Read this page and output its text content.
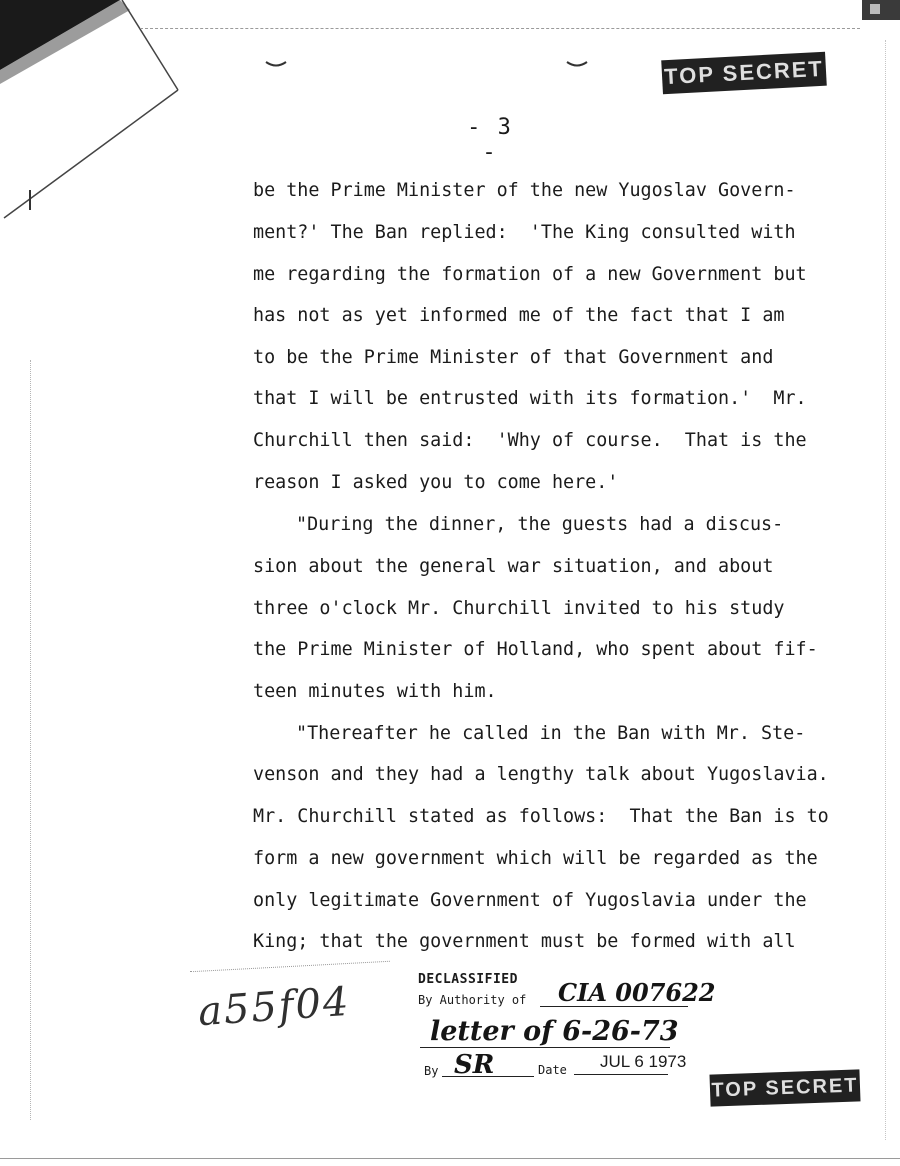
TOP SECRET
- 3 -
be the Prime Minister of the new Yugoslav Govern-
ment?' The Ban replied:  'The King consulted with
me regarding the formation of a new Government but
has not as yet informed me of the fact that I am
to be the Prime Minister of that Government and
that I will be entrusted with its formation.'  Mr.
Churchill then said:  'Why of course.  That is the
reason I asked you to come here.'
"During the dinner, the guests had a discus-
sion about the general war situation, and about
three o'clock Mr. Churchill invited to his study
the Prime Minister of Holland, who spent about fif-
teen minutes with him.
"Thereafter he called in the Ban with Mr. Ste-
venson and they had a lengthy talk about Yugoslavia.
Mr. Churchill stated as follows:  That the Ban is to
form a new government which will be regarded as the
only legitimate Government of Yugoslavia under the
King; that the government must be formed with all
a55f04	DECLASSIFIED
By Authority of CIA 007622
letter of 6-26-73
By SR	Date JUL 6 1973
TOP SECRET
